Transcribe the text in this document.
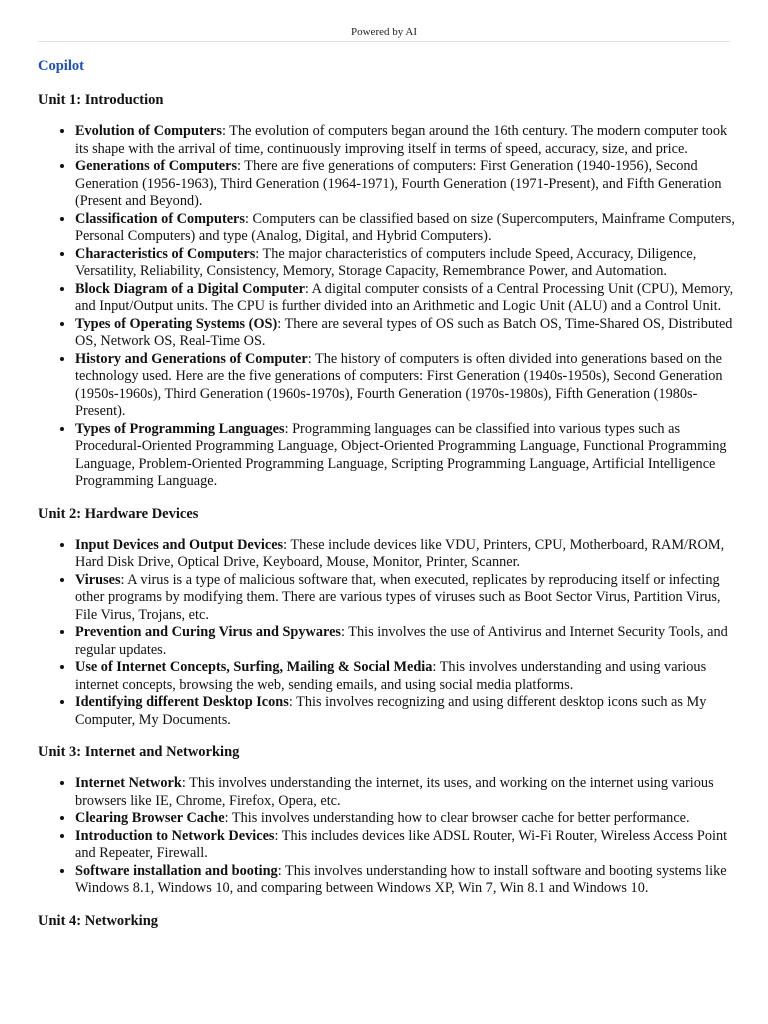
Powered by AI
Copilot
Unit 1: Introduction
• Evolution of Computers: The evolution of computers began around the 16th century. The modern computer took its shape with the arrival of time, continuously improving itself in terms of speed, accuracy, size, and price.
• Generations of Computers: There are five generations of computers: First Generation (1940-1956), Second Generation (1956-1963), Third Generation (1964-1971), Fourth Generation (1971-Present), and Fifth Generation (Present and Beyond).
• Classification of Computers: Computers can be classified based on size (Supercomputers, Mainframe Computers, Personal Computers) and type (Analog, Digital, and Hybrid Computers).
• Characteristics of Computers: The major characteristics of computers include Speed, Accuracy, Diligence, Versatility, Reliability, Consistency, Memory, Storage Capacity, Remembrance Power, and Automation.
• Block Diagram of a Digital Computer: A digital computer consists of a Central Processing Unit (CPU), Memory, and Input/Output units. The CPU is further divided into an Arithmetic and Logic Unit (ALU) and a Control Unit.
• Types of Operating Systems (OS): There are several types of OS such as Batch OS, Time-Shared OS, Distributed OS, Network OS, Real-Time OS.
• History and Generations of Computer: The history of computers is often divided into generations based on the technology used. Here are the five generations of computers: First Generation (1940s-1950s), Second Generation (1950s-1960s), Third Generation (1960s-1970s), Fourth Generation (1970s-1980s), Fifth Generation (1980s-Present).
• Types of Programming Languages: Programming languages can be classified into various types such as Procedural-Oriented Programming Language, Object-Oriented Programming Language, Functional Programming Language, Problem-Oriented Programming Language, Scripting Programming Language, Artificial Intelligence Programming Language.
Unit 2: Hardware Devices
• Input Devices and Output Devices: These include devices like VDU, Printers, CPU, Motherboard, RAM/ROM, Hard Disk Drive, Optical Drive, Keyboard, Mouse, Monitor, Printer, Scanner.
• Viruses: A virus is a type of malicious software that, when executed, replicates by reproducing itself or infecting other programs by modifying them. There are various types of viruses such as Boot Sector Virus, Partition Virus, File Virus, Trojans, etc.
• Prevention and Curing Virus and Spywares: This involves the use of Antivirus and Internet Security Tools, and regular updates.
• Use of Internet Concepts, Surfing, Mailing & Social Media: This involves understanding and using various internet concepts, browsing the web, sending emails, and using social media platforms.
• Identifying different Desktop Icons: This involves recognizing and using different desktop icons such as My Computer, My Documents.
Unit 3: Internet and Networking
• Internet Network: This involves understanding the internet, its uses, and working on the internet using various browsers like IE, Chrome, Firefox, Opera, etc.
• Clearing Browser Cache: This involves understanding how to clear browser cache for better performance.
• Introduction to Network Devices: This includes devices like ADSL Router, Wi-Fi Router, Wireless Access Point and Repeater, Firewall.
• Software installation and booting: This involves understanding how to install software and booting systems like Windows 8.1, Windows 10, and comparing between Windows XP, Win 7, Win 8.1 and Windows 10.
Unit 4: Networking
